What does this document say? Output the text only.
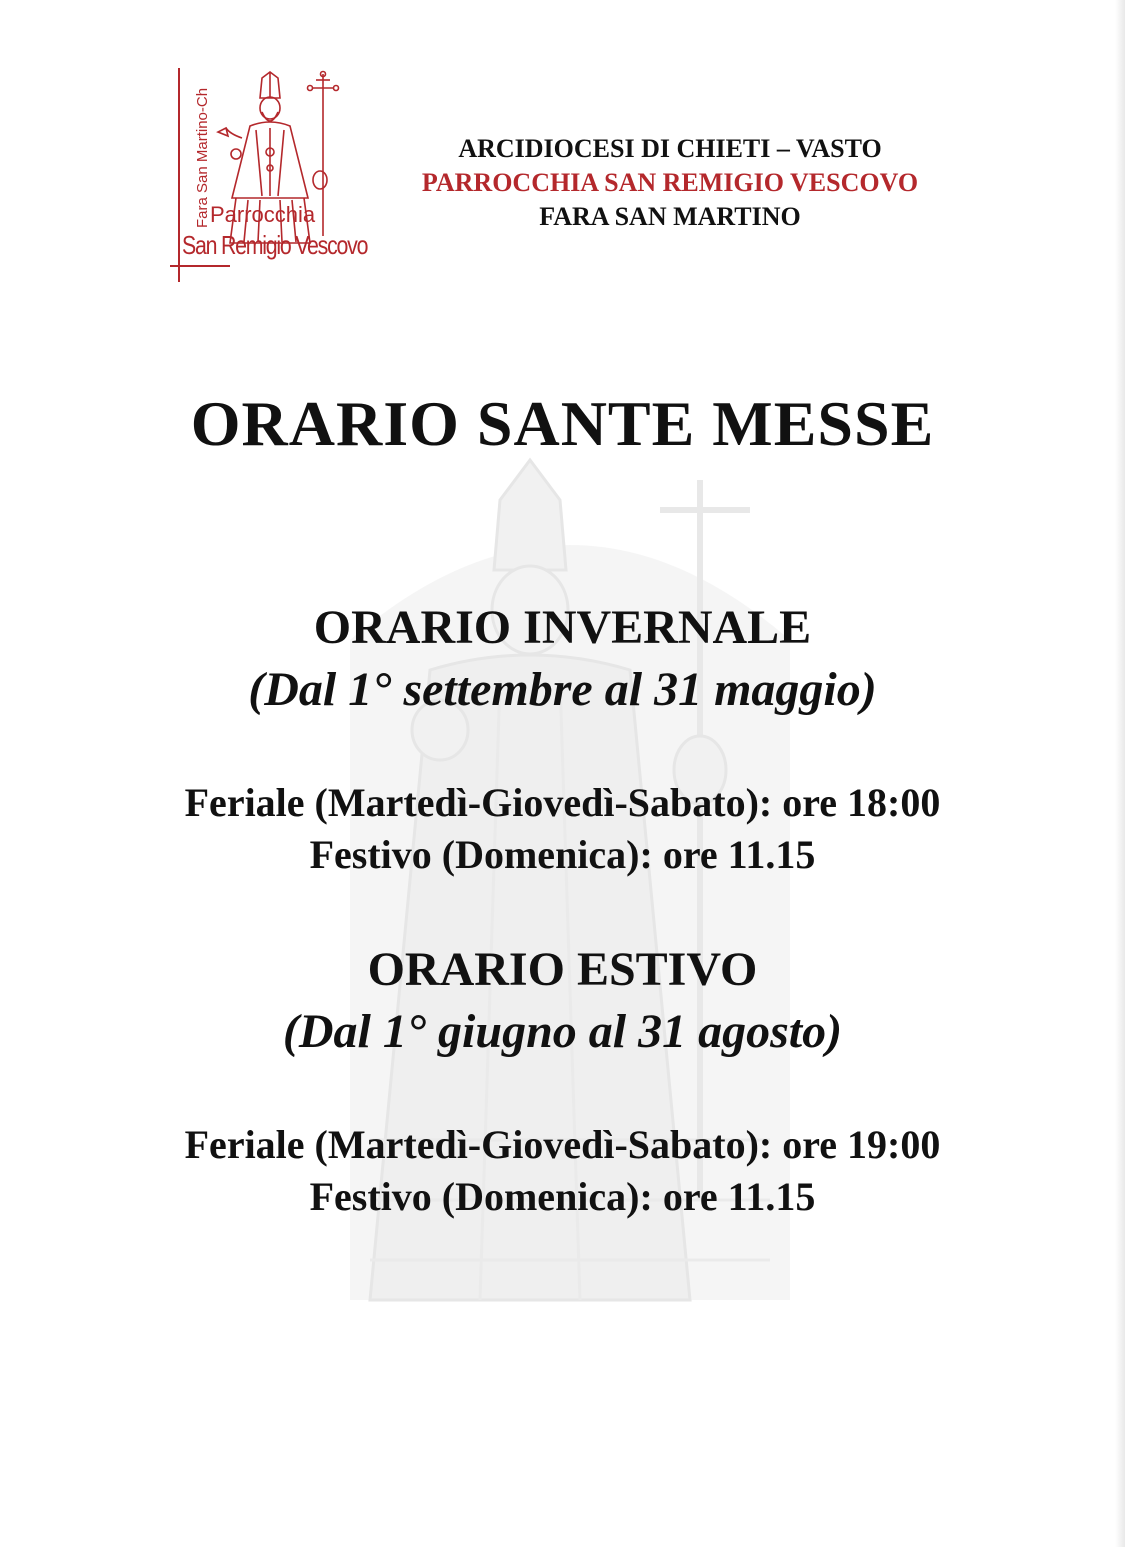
Fara San Martino-Ch Parrocchia
San Remigio Vescovo
ARCIDIOCESI DI CHIETI – VASTO
PARROCCHIA SAN REMIGIO VESCOVO
FARA SAN MARTINO
ORARIO SANTE MESSE
ORARIO INVERNALE
(Dal 1° settembre al 31 maggio)
Feriale (Martedì-Giovedì-Sabato): ore 18:00
Festivo (Domenica): ore 11.15
ORARIO ESTIVO
(Dal 1° giugno al 31 agosto)
Feriale (Martedì-Giovedì-Sabato): ore 19:00
Festivo (Domenica): ore 11.15
